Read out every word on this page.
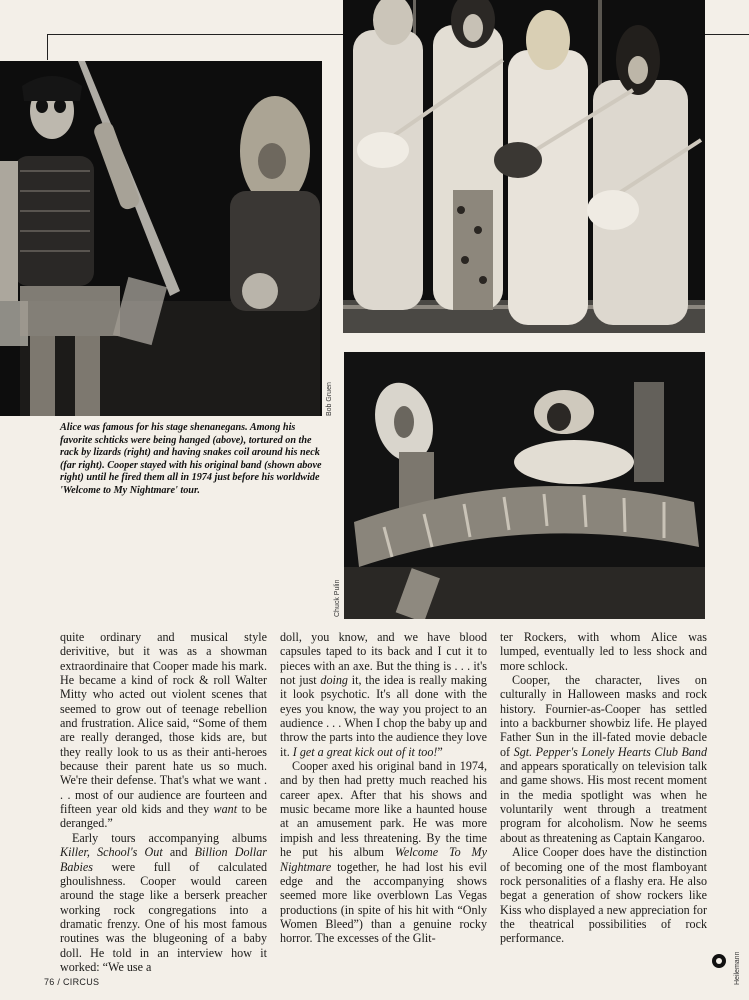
Bob Gruen
Chuck Pulin
Heilemann
Alice was famous for his stage shenanegans. Among his favorite schticks were being hanged (above), tortured on the rack by lizards (right) and having snakes coil around his neck (far right). Cooper stayed with his original band (shown above right) until he fired them all in 1974 just before his worldwide 'Welcome to My Nightmare' tour.

quite ordinary and musical style derivitive, but it was as a showman extraordinaire that Cooper made his mark. He became a kind of rock & roll Walter Mitty who acted out violent scenes that seemed to grow out of teenage rebellion and frustration. Alice said, “Some of them are really deranged, those kids are, but they really look to us as their anti-heroes because their parent hate us so much. We're their defense. That's what we want . . . most of our audience are fourteen and fifteen year old kids and they want to be deranged.”

Early tours accompanying albums Killer, School's Out and Billion Dollar Babies were full of calculated ghoulishness. Cooper would careen around the stage like a berserk preacher working rock congregations into a dramatic frenzy. One of his most famous routines was the blugeoning of a baby doll. He told in an interview how it worked: “We use a

doll, you know, and we have blood capsules taped to its back and I cut it to pieces with an axe. But the thing is . . . it's not just doing it, the idea is really making it look psychotic. It's all done with the eyes you know, the way you project to an audience . . . When I chop the baby up and throw the parts into the audience they love it. I get a great kick out of it too!”

Cooper axed his original band in 1974, and by then had pretty much reached his career apex. After that his shows and music became more like a haunted house at an amusement park. He was more impish and less threatening. By the time he put his album Welcome To My Nightmare together, he had lost his evil edge and the accompanying shows seemed more like overblown Las Vegas productions (in spite of his hit with “Only Women Bleed”) than a genuine rocky horror. The excesses of the Glit-

ter Rockers, with whom Alice was lumped, eventually led to less shock and more schlock.

Cooper, the character, lives on culturally in Halloween masks and rock history. Fournier-as-Cooper has settled into a backburner showbiz life. He played Father Sun in the ill-fated movie debacle of Sgt. Pepper's Lonely Hearts Club Band and appears sporatically on television talk and game shows. His most recent moment in the media spotlight was when he voluntarily went through a treatment program for alcoholism. Now he seems about as threatening as Captain Kangaroo.

Alice Cooper does have the distinction of becoming one of the most flamboyant rock personalities of a flashy era. He also begat a generation of show rockers like Kiss who displayed a new appreciation for the theatrical possibilities of rock performance.

76 / CIRCUS
